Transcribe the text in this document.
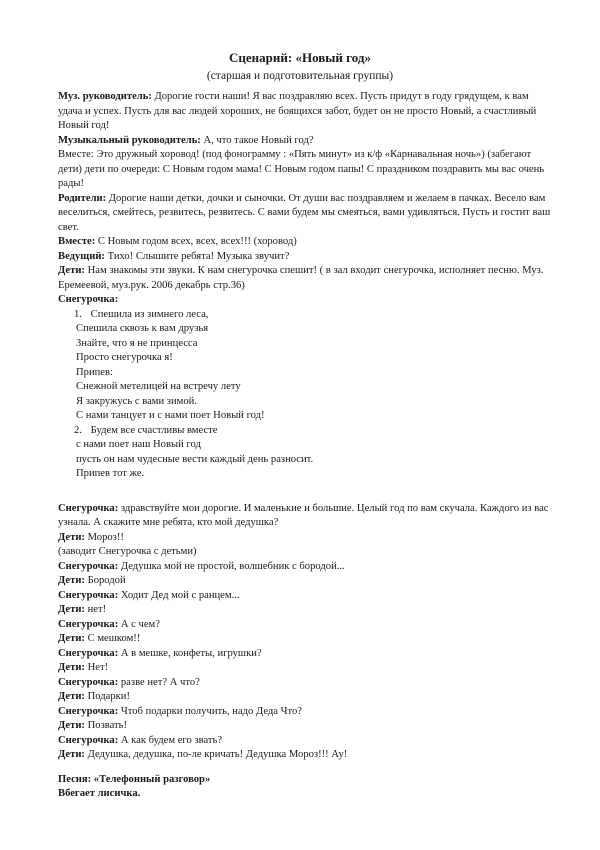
Сценарий: «Новый год»
(старшая и подготовительная группы)
Муз. руководитель: Дорогие гости наши! Я вас поздравляю всех. Пусть придут в году грядущем, к вам удача и успех. Пусть для вас людей хороших, не боящихся забот, будет он не просто Новый, а счастливый Новый год!
Музыкальный руководитель: А, что такое Новый год?
Вместе: Это дружный хоровод! (под фонограмму : «Пять минут» из к/ф «Карнавальная ночь») (забегают дети) дети по очереди: С Новым годом мама! С Новым годом папы! С праздником поздравить мы вас очень рады!
Родители: Дорогие наши детки, дочки и сыночки. От души вас поздравляем и желаем в пачках. Весело вам веселиться, смейтесь, резвитесь, резвитесь. С вами будем мы смеяться, вами удивляться. Пусть и гостит ваш свет.
Вместе: С Новым годом всех, всех, всех!!! (хоровод)
Ведущий: Тихо! Слышите ребята! Музыка звучит?
Дети: Нам знакомы эти звуки. К нам снегурочка спешит! ( в зал входит снегурочка, исполняет песню. Муз. Еремеевой, муз.рук. 2006 декабрь стр.36)
Снегурочка:
1. Спешила из зимнего леса,
Спешила сквозь к вам друзья
Знайте, что я не принцесса
Просто снегурочка я!
Припев:
Снежной метелицей на встречу лету
Я закружусь с вами зимой.
С нами танцует и с нами поет Новый год!
2. Будем все счастливы вместе
с нами поет наш Новый год
пусть он нам чудесные вести каждый день разносит.
Припев тот же.
Снегурочка: здравствуйте мои дорогие. И маленькие и большие. Целый год по вам скучала. Каждого из вас узнала. А скажите мне ребята, кто мой дедушка?
Дети: Мороз!!
(заводит Снегурочка с детьми)
Снегурочка: Дедушка мой не простой, волшебник с бородой...
Дети: Бородой
Снегурочка: Ходит Дед мой с ранцем...
Дети: нет!
Снегурочка: А с чем?
Дети: С мешком!!
Снегурочка: А в мешке, конфеты, игрушки?
Дети: Нет!
Снегурочка: разве нет? А что?
Дети: Подарки!
Снегурочка: Чтоб подарки получить, надо Деда Что?
Дети: Позвать!
Снегурочка: А как будем его звать?
Дети: Дедушка, дедушка, по-ле кричать! Дедушка Мороз!!! Ау!
Песня: «Телефонный разговор»
Вбегает лисичка.
